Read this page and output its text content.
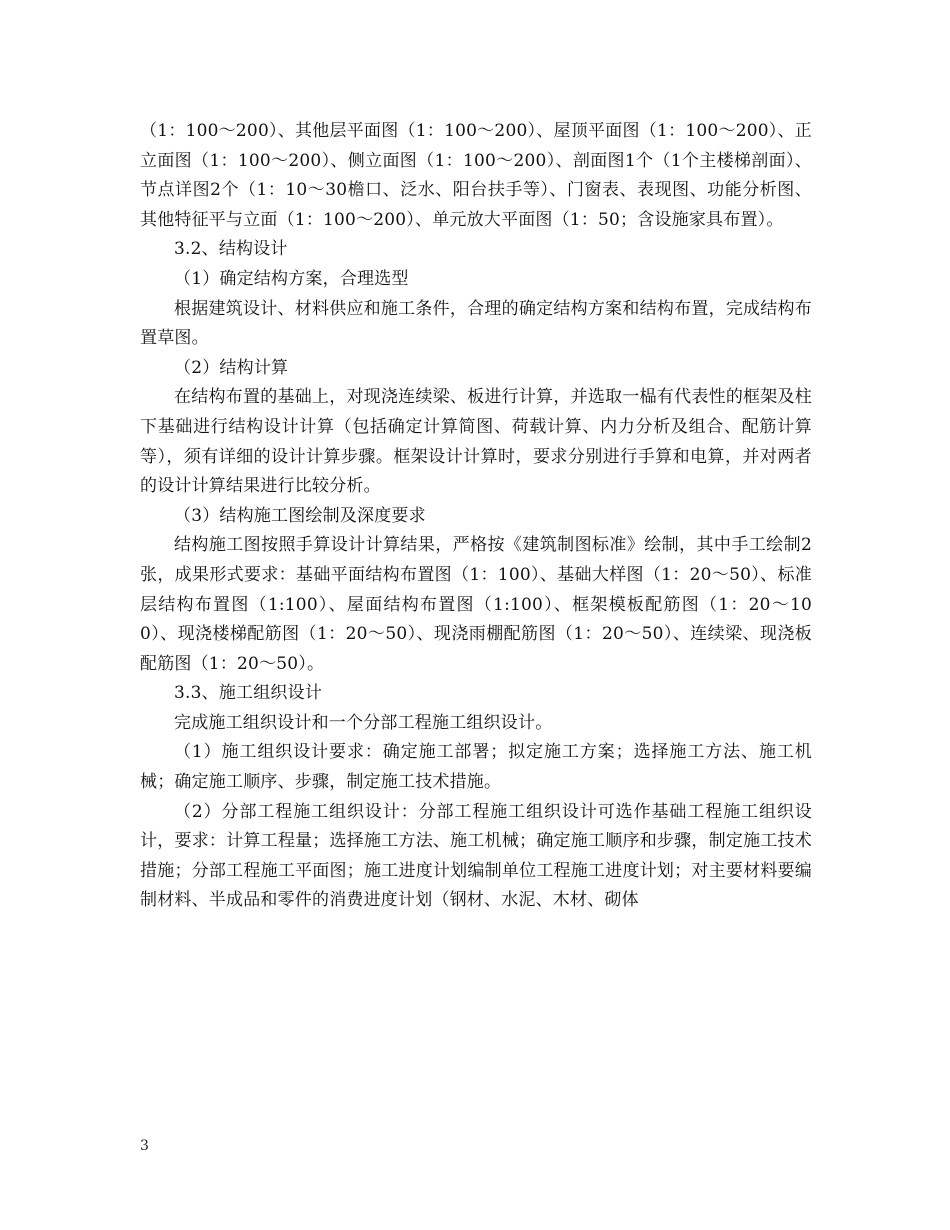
（1：100～200）、其他层平面图（1：100～200）、屋顶平面图（1：100～200）、正立面图（1：100～200）、侧立面图（1：100～200）、剖面图1个（1个主楼梯剖面）、节点详图2个（1：10～30檐口、泛水、阳台扶手等）、门窗表、表现图、功能分析图、其他特征平与立面（1：100～200）、单元放大平面图（1：50；含设施家具布置）。

3.2、结构设计

（1）确定结构方案，合理选型

根据建筑设计、材料供应和施工条件，合理的确定结构方案和结构布置，完成结构布置草图。

（2）结构计算

在结构布置的基础上，对现浇连续梁、板进行计算，并选取一榀有代表性的框架及柱下基础进行结构设计计算（包括确定计算简图、荷载计算、内力分析及组合、配筋计算等），须有详细的设计计算步骤。框架设计计算时，要求分别进行手算和电算，并对两者的设计计算结果进行比较分析。

（3）结构施工图绘制及深度要求

结构施工图按照手算设计计算结果，严格按《建筑制图标准》绘制，其中手工绘制2张，成果形式要求：基础平面结构布置图（1：100）、基础大样图（1：20～50）、标准层结构布置图（1:100）、屋面结构布置图（1:100）、框架模板配筋图（1：20～100）、现浇楼梯配筋图（1：20～50）、现浇雨棚配筋图（1：20～50）、连续梁、现浇板配筋图（1：20～50）。

3.3、施工组织设计

完成施工组织设计和一个分部工程施工组织设计。

（1）施工组织设计要求：确定施工部署；拟定施工方案；选择施工方法、施工机械；确定施工顺序、步骤，制定施工技术措施。

（2）分部工程施工组织设计：分部工程施工组织设计可选作基础工程施工组织设计，要求：计算工程量；选择施工方法、施工机械；确定施工顺序和步骤，制定施工技术措施；分部工程施工平面图；施工进度计划编制单位工程施工进度计划；对主要材料要编制材料、半成品和零件的消费进度计划（钢材、水泥、木材、砌体

3
